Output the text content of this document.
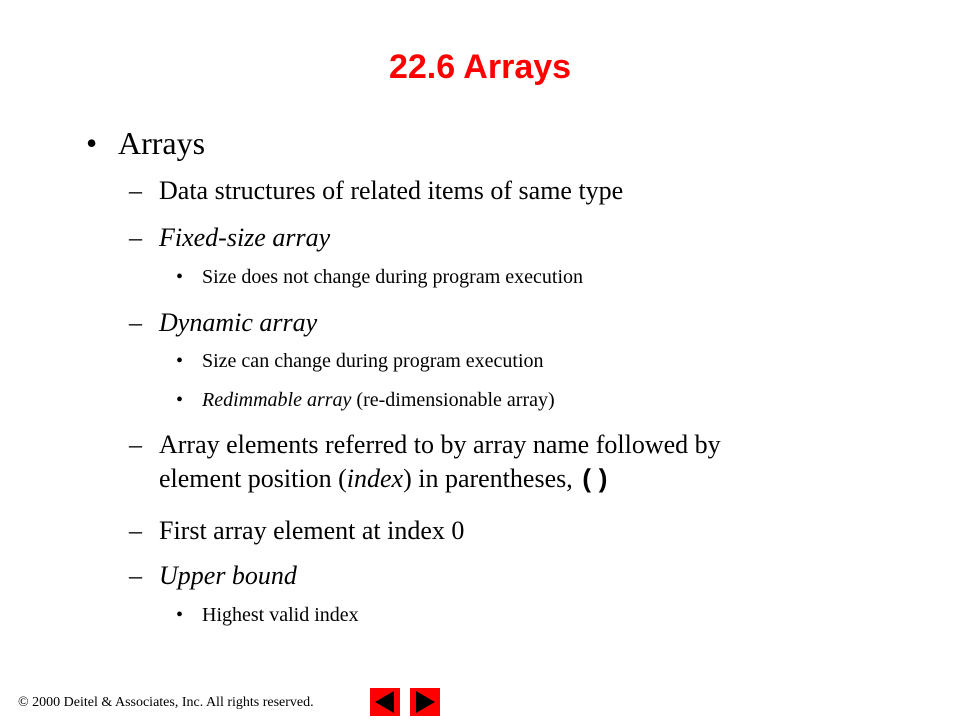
22.6 Arrays
• Arrays
– Data structures of related items of same type
– Fixed-size array
• Size does not change during program execution
– Dynamic array
• Size can change during program execution
• Redimmable array (re-dimensionable array)
– Array elements referred to by array name followed by
element position (index) in parentheses, ()
– First array element at index 0
– Upper bound
• Highest valid index
© 2000 Deitel & Associates, Inc. All rights reserved.
